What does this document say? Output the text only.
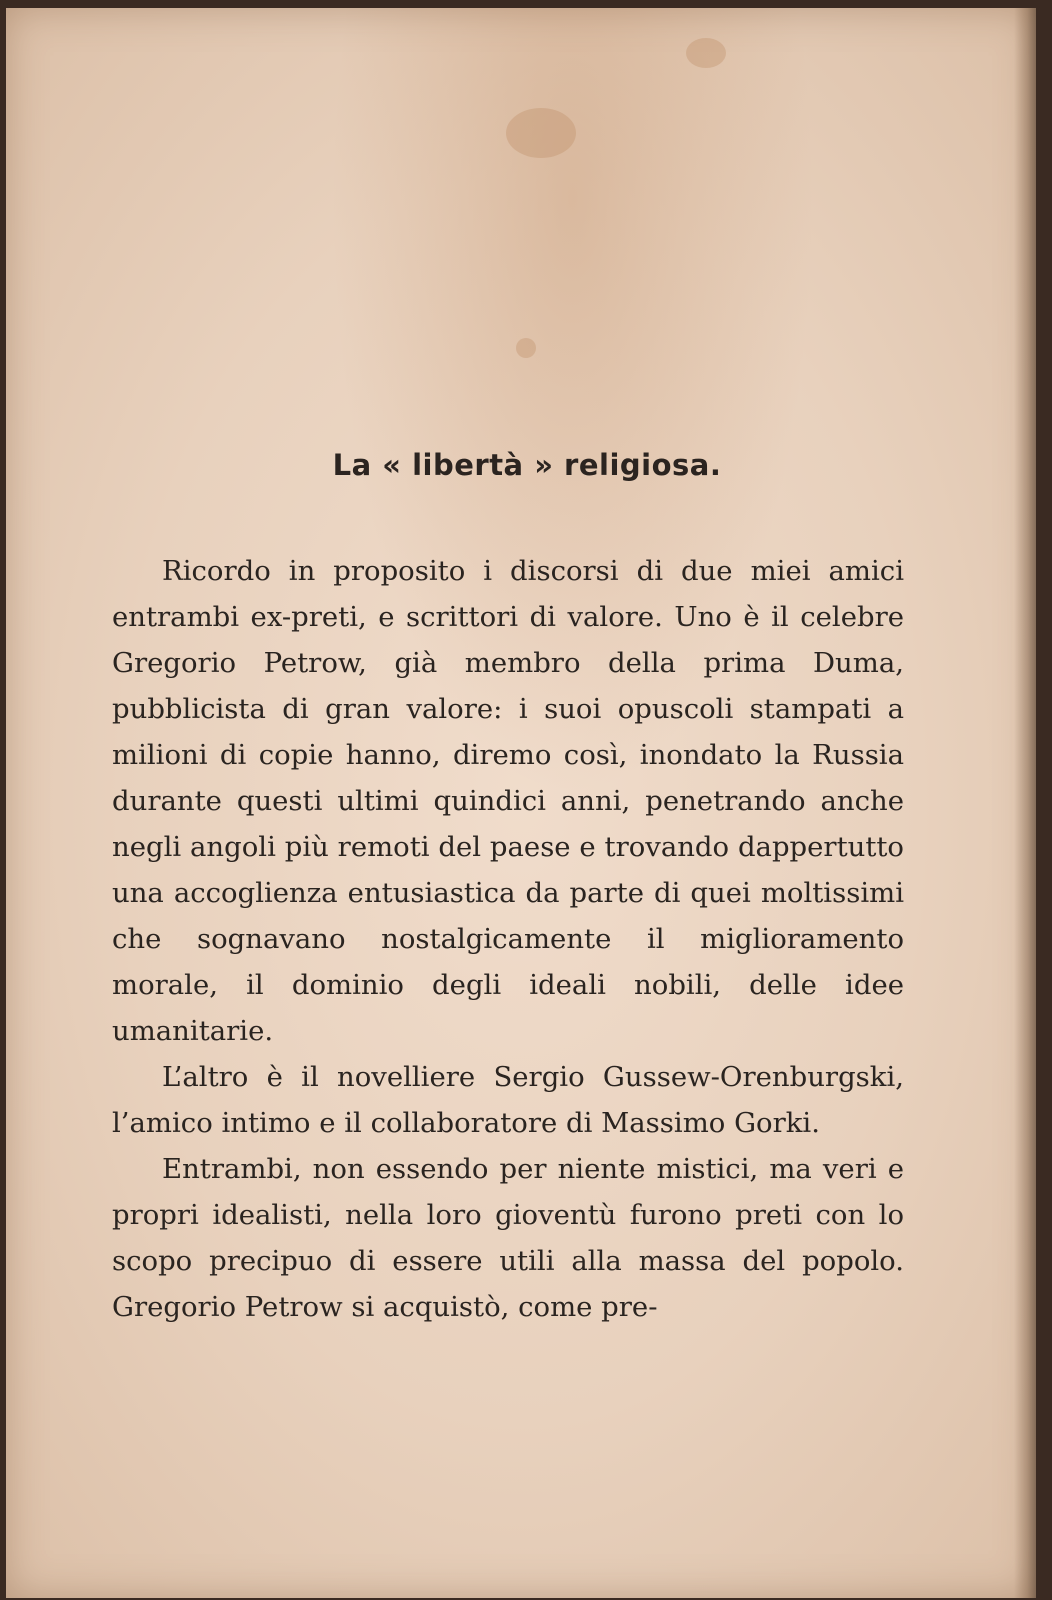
La « libertà » religiosa.

Ricordo in proposito i discorsi di due miei amici entrambi ex-preti, e scrittori di valore. Uno è il celebre Gregorio Petrow, già membro della prima Duma, pubblicista di gran valore: i suoi opuscoli stampati a milioni di copie hanno, diremo così, inondato la Russia durante questi ultimi quindici anni, penetrando anche negli angoli più remoti del paese e trovando dappertutto una accoglienza entusiastica da parte di quei moltissimi che sognavano nostalgicamente il miglioramento morale, il dominio degli ideali nobili, delle idee umanitarie.

L’altro è il novelliere Sergio Gussew-Orenburgski, l’amico intimo e il collaboratore di Massimo Gorki.

Entrambi, non essendo per niente mistici, ma veri e propri idealisti, nella loro gioventù furono preti con lo scopo precipuo di essere utili alla massa del popolo. Gregorio Petrow si acquistò, come pre-
